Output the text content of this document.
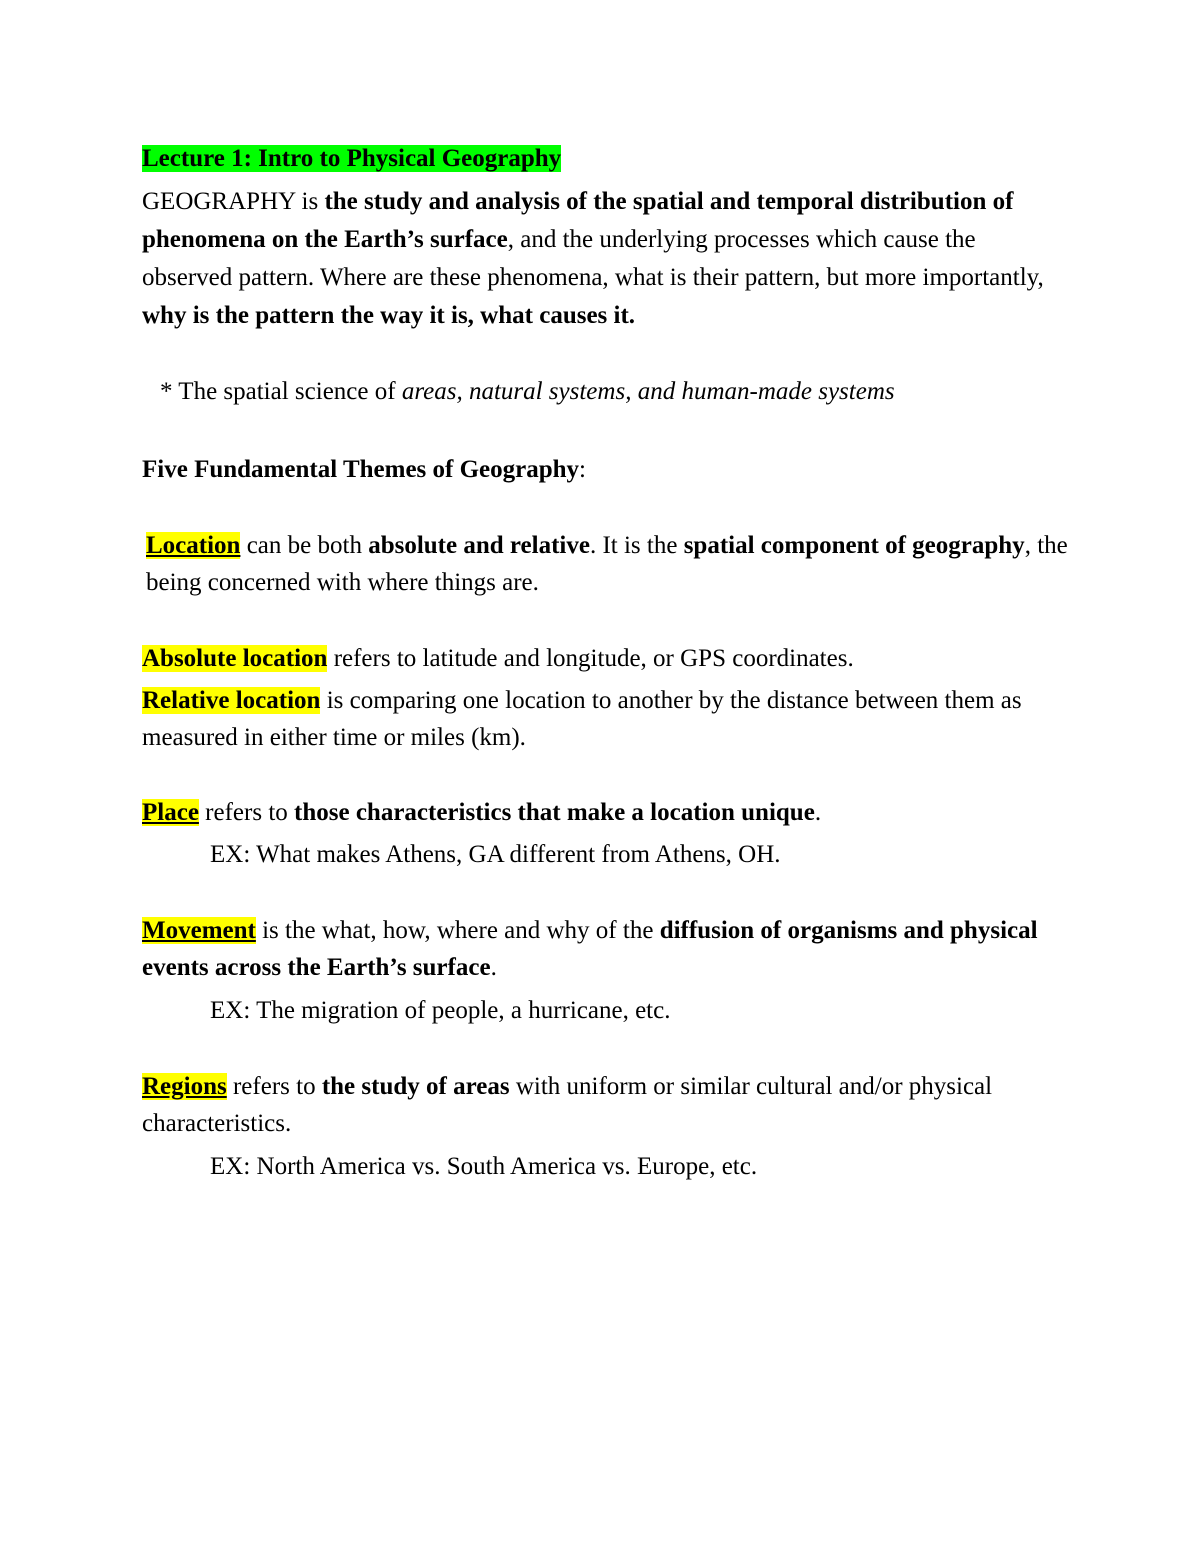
Lecture 1: Intro to Physical Geography

GEOGRAPHY is the study and analysis of the spatial and temporal distribution of phenomena on the Earth’s surface, and the underlying processes which cause the observed pattern. Where are these phenomena, what is their pattern, but more importantly, why is the pattern the way it is, what causes it.

* The spatial science of areas, natural systems, and human-made systems

Five Fundamental Themes of Geography:

Location can be both absolute and relative. It is the spatial component of geography, the being concerned with where things are.

Absolute location refers to latitude and longitude, or GPS coordinates.

Relative location is comparing one location to another by the distance between them as measured in either time or miles (km).

Place refers to those characteristics that make a location unique.

EX: What makes Athens, GA different from Athens, OH.

Movement is the what, how, where and why of the diffusion of organisms and physical events across the Earth’s surface.

EX: The migration of people, a hurricane, etc.

Regions refers to the study of areas with uniform or similar cultural and/or physical characteristics.

EX: North America vs. South America vs. Europe, etc.
